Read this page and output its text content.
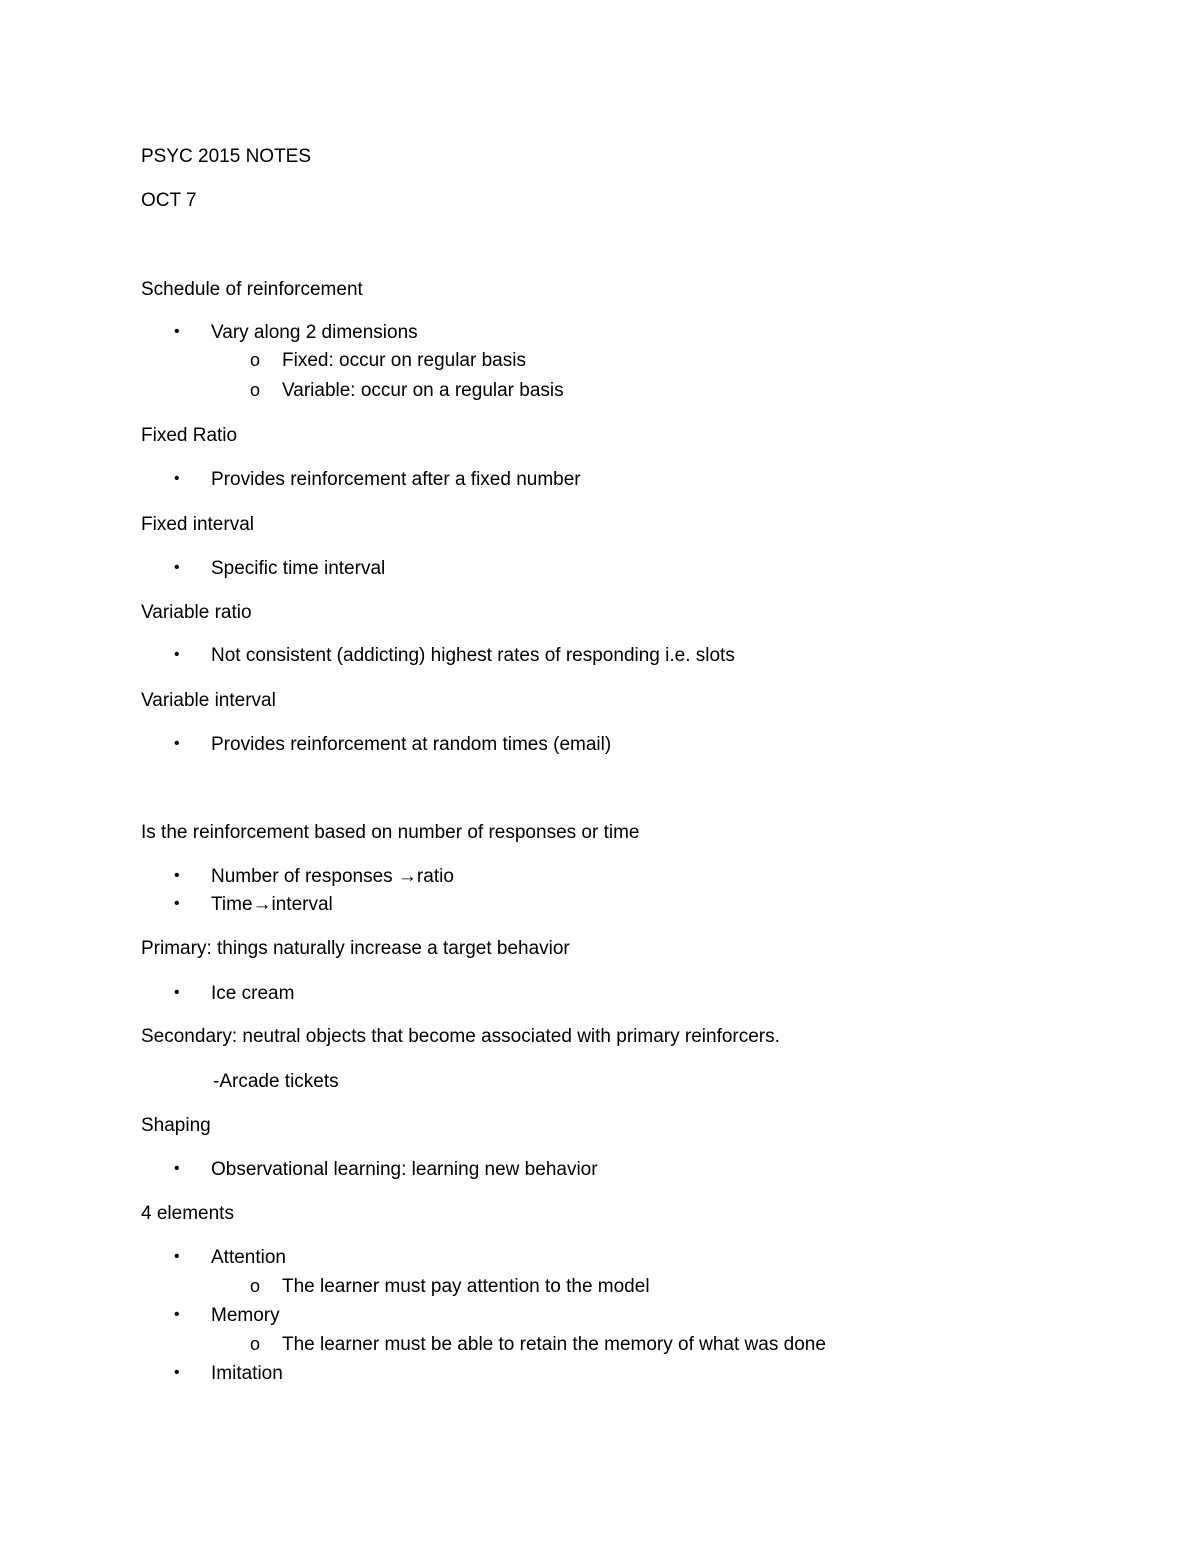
PSYC 2015 NOTES
OCT 7
Schedule of reinforcement
• Vary along 2 dimensions
o Fixed: occur on regular basis
o Variable: occur on a regular basis
Fixed Ratio
• Provides reinforcement after a fixed number
Fixed interval
• Specific time interval
Variable ratio
• Not consistent (addicting) highest rates of responding i.e. slots
Variable interval
• Provides reinforcement at random times (email)
Is the reinforcement based on number of responses or time
• Number of responses →ratio
• Time→interval
Primary: things naturally increase a target behavior
• Ice cream
Secondary: neutral objects that become associated with primary reinforcers.
-Arcade tickets
Shaping
• Observational learning: learning new behavior
4 elements
• Attention
o The learner must pay attention to the model
• Memory
o The learner must be able to retain the memory of what was done
• Imitation
